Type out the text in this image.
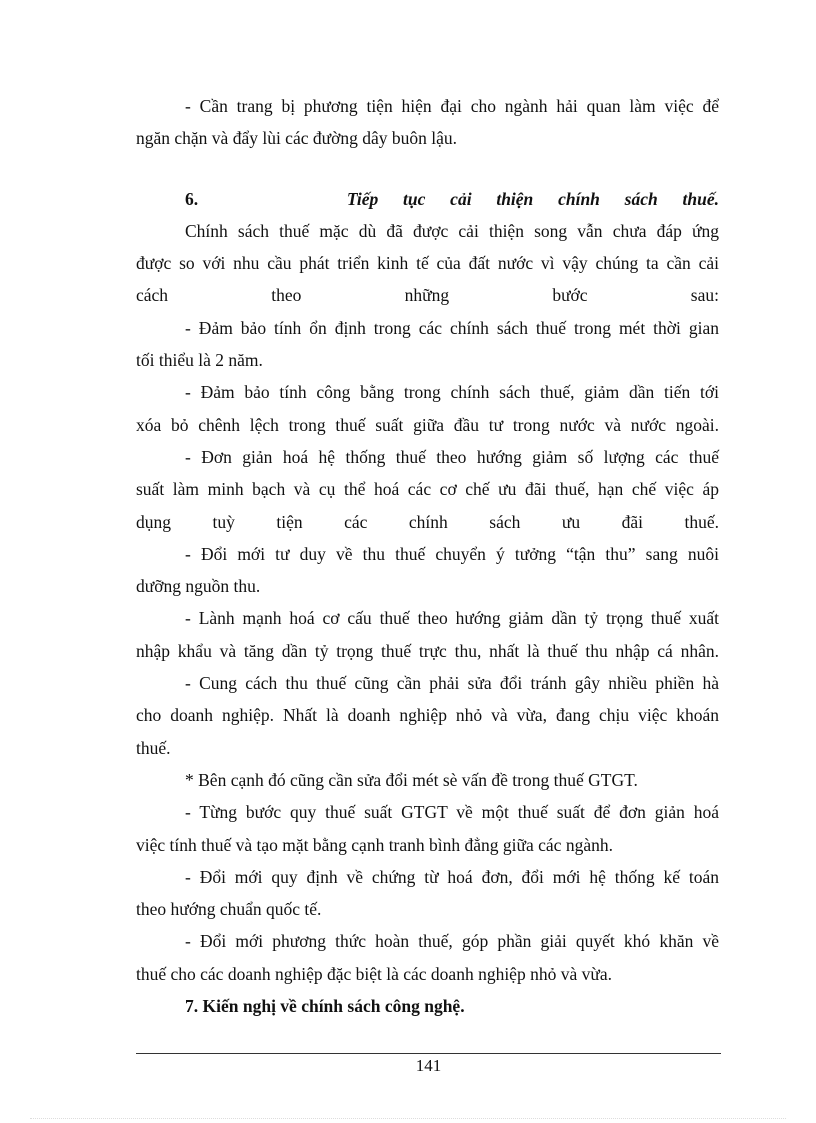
- Cần trang bị phương tiện hiện đại cho ngành hải quan làm việc để
ngăn chặn và đẩy lùi các đường dây buôn lậu.
6.	Tiếp tục cải thiện chính sách thuế.
Chính sách thuế mặc dù đã được cải thiện song vẫn chưa đáp ứng
được so với nhu cầu phát triển kinh tế của đất nước vì vậy chúng ta cần cải
cách theo những bước sau:
- Đảm bảo tính ổn định trong các chính sách thuế trong mét thời gian
tối thiểu là 2 năm.
- Đảm bảo tính công bằng trong chính sách thuế, giảm dần tiến tới
xóa bỏ chênh lệch trong thuế suất giữa đầu tư trong nước và nước ngoài.
- Đơn giản hoá hệ thống thuế theo hướng giảm số lượng các thuế
suất làm minh bạch và cụ thể hoá các cơ chế ưu đãi thuế, hạn chế việc áp
dụng tuỳ tiện các chính sách ưu đãi thuế.
- Đổi mới tư duy về thu thuế chuyển ý tưởng “tận thu” sang nuôi
dưỡng nguồn thu.
- Lành mạnh hoá cơ cấu thuế theo hướng giảm dần tỷ trọng thuế xuất
nhập khẩu và tăng dần tỷ trọng thuế trực thu, nhất là thuế thu nhập cá nhân.
- Cung cách thu thuế cũng cần phải sửa đổi tránh gây nhiều phiền hà
cho doanh nghiệp. Nhất là doanh nghiệp nhỏ và vừa, đang chịu việc khoán
thuế.
* Bên cạnh đó cũng cần sửa đổi mét sè vấn đề trong thuế GTGT.
- Từng bước quy thuế suất GTGT về một thuế suất để đơn giản hoá
việc tính thuế và tạo mặt bằng cạnh tranh bình đẳng giữa các ngành.
- Đổi mới quy định về chứng từ hoá đơn, đổi mới hệ thống kế toán
theo hướng chuẩn quốc tế.
- Đổi mới phương thức hoàn thuế, góp phần giải quyết khó khăn về
thuế cho các doanh nghiệp đặc biệt là các doanh nghiệp nhỏ và vừa.
7. Kiến nghị về chính sách công nghệ.
141
